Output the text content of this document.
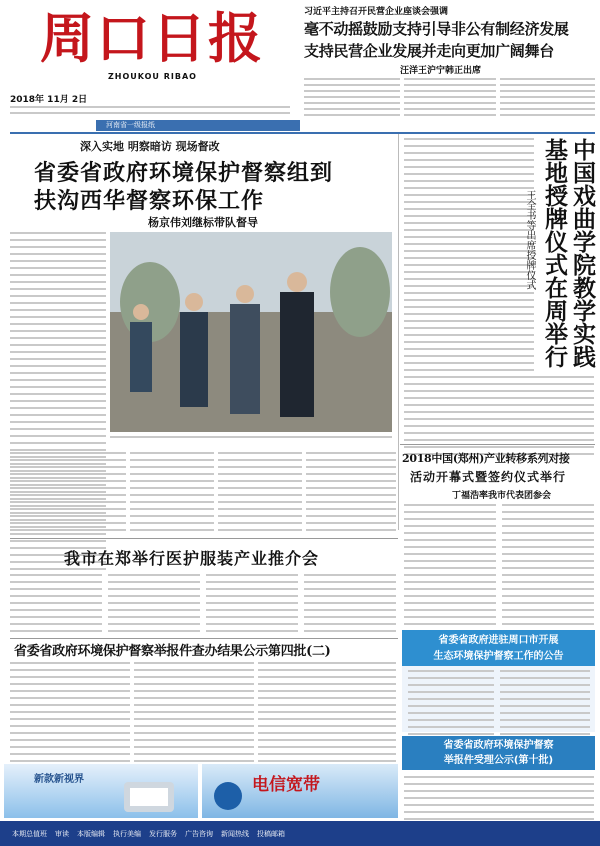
周口日报
ZHOUKOU RIBAO
习近平主持召开民营企业座谈会强调
毫不动摇鼓励支持引导非公有制经济发展
支持民营企业发展并走向更加广阔舞台
汪洋王沪宁韩正出席
2018年 11月 2日
河南省一级报纸
深入实地 明察暗访 现场督改
省委省政府环境保护督察组到
扶沟西华督察环保工作
杨京伟刘继标带队督导	中国戏曲学院教学实践
基地授牌仪式在周举行
王全书等出席授牌仪式
2018中国(郑州)产业转移系列对接
活动开幕式暨签约仪式举行
丁福浩率我市代表团参会
我市在郑举行医护服装产业推介会
省委省政府环境保护督察举报件查办结果公示第四批(二)
省委省政府进驻周口市开展
生态环境保护督察工作的公告
省委省政府环境保护督察
举报件受理公示(第十批)
新款新视界	电信宽带
本期总值班 审读 本版编辑 执行美编 发行服务 广告咨询 新闻热线 投稿邮箱
